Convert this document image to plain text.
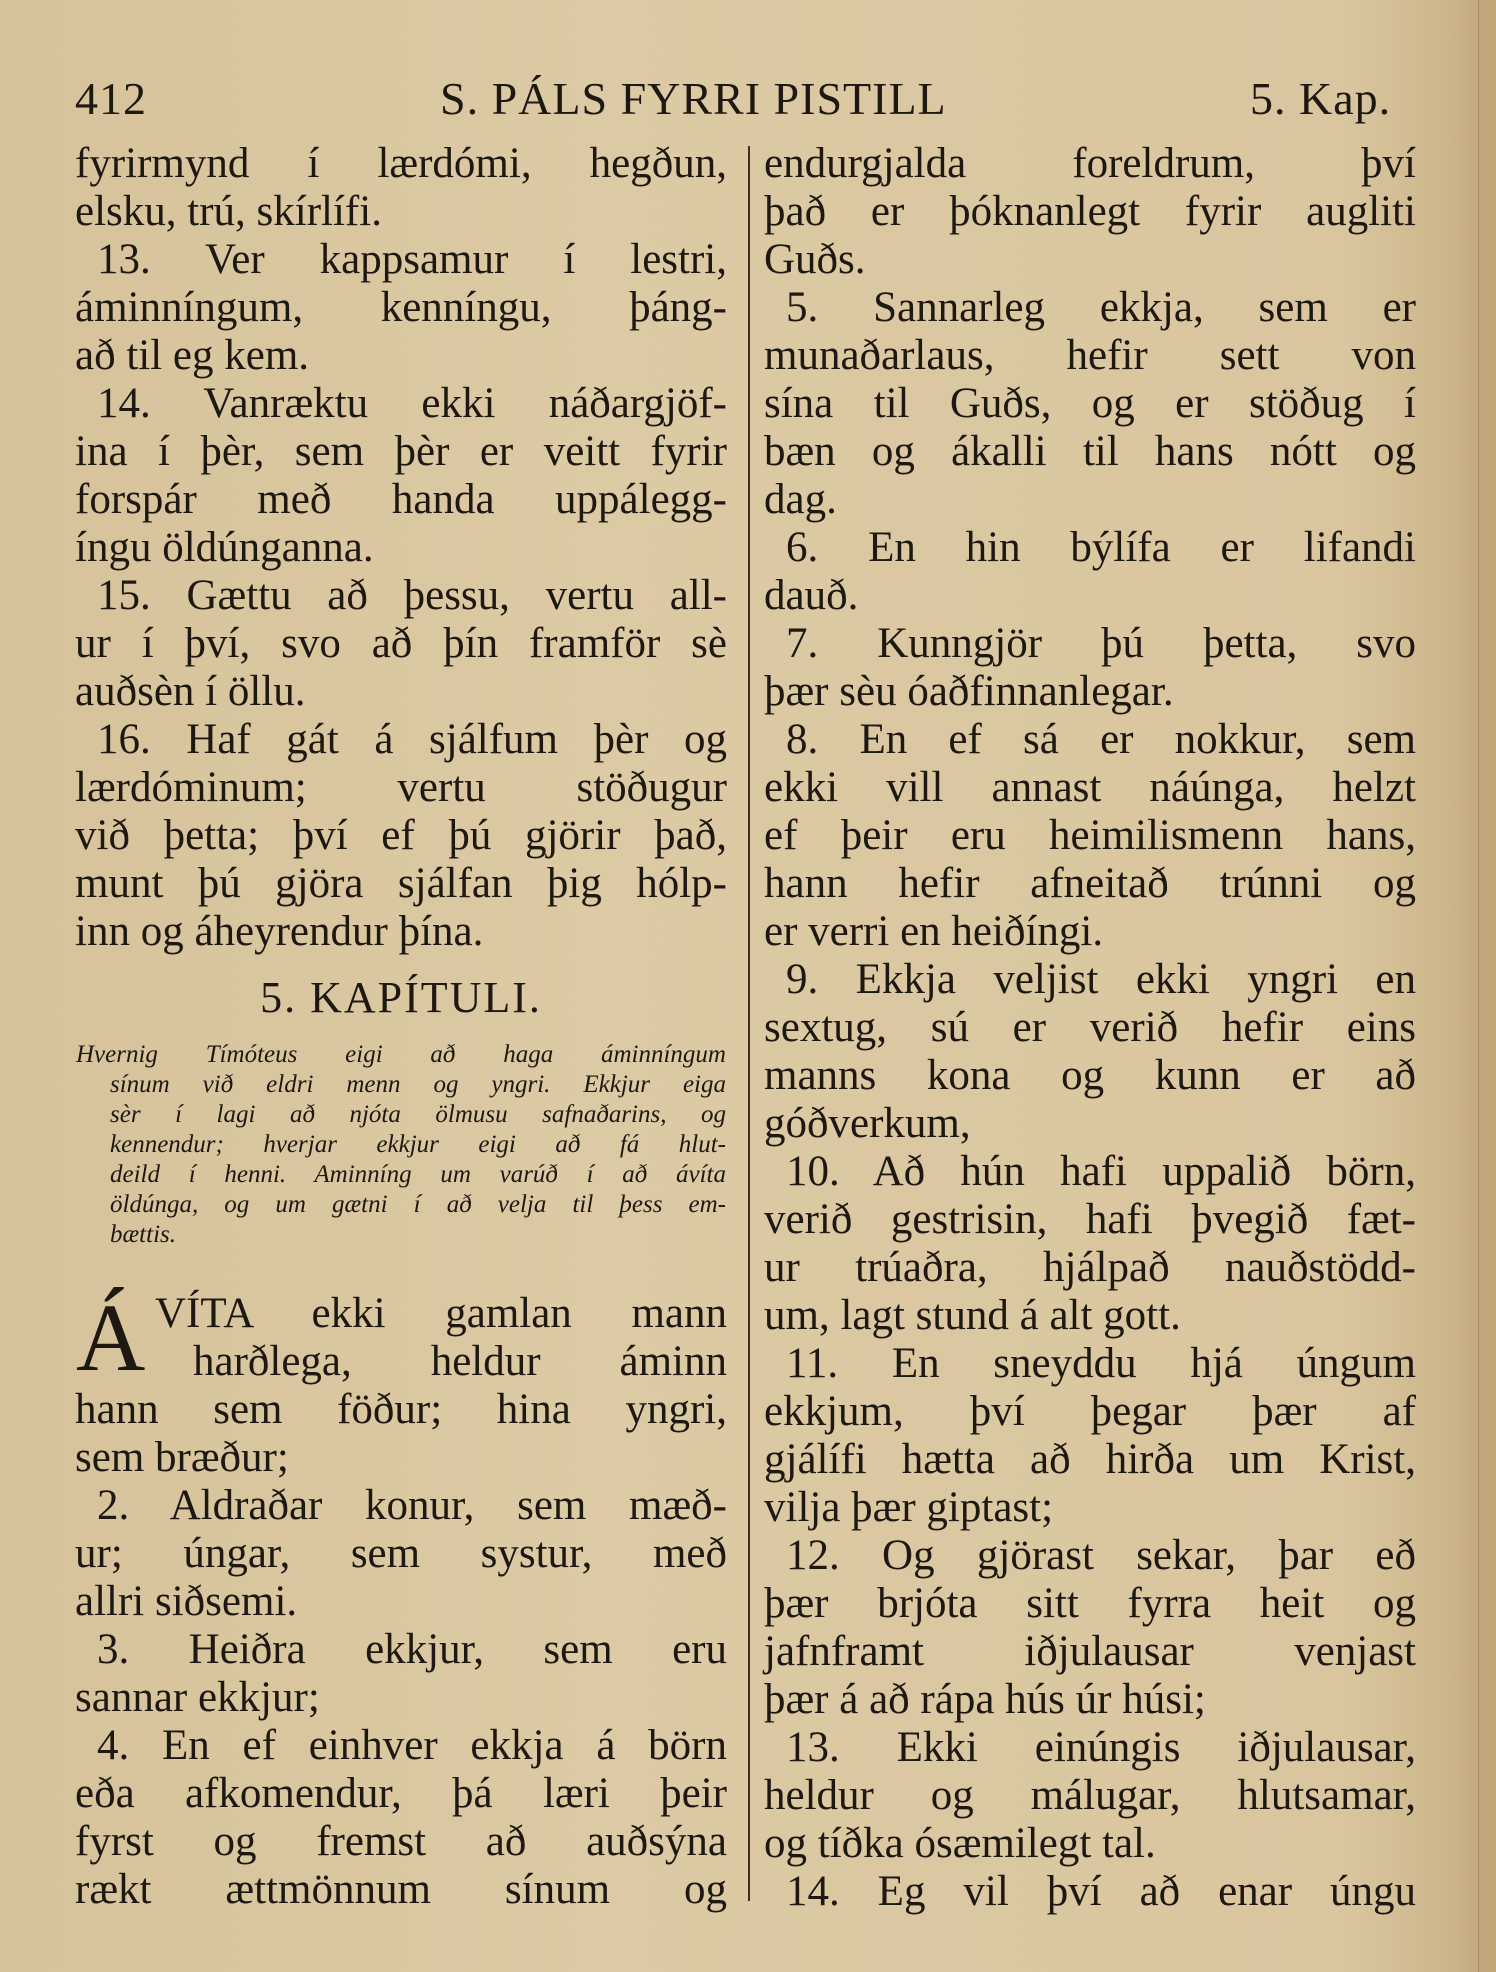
412	S. PÁLS FYRRI PISTILL	5. Kap.
fyrirmynd í lærdómi, hegðun,
elsku, trú, skírlífi.
13. Ver kappsamur í lestri,
áminníngum, kenníngu, þáng-
að til eg kem.
14. Vanræktu ekki náðargjöf-
ina í þèr, sem þèr er veitt fyrir
forspár með handa uppálegg-
íngu öldúnganna.
15. Gættu að þessu, vertu all-
ur í því, svo að þín framför sè
auðsèn í öllu.
16. Haf gát á sjálfum þèr og
lærdóminum; vertu stöðugur
við þetta; því ef þú gjörir það,
munt þú gjöra sjálfan þig hólp-
inn og áheyrendur þína.
5. KAPÍTULI.
Hvernig Tímóteus eigi að haga áminníngum
sínum við eldri menn og yngri. Ekkjur eiga
sèr í lagi að njóta ölmusu safnaðarins, og
kennendur; hverjar ekkjur eigi að fá hlut-
deild í henni. Aminníng um varúð í að ávíta
öldúnga, og um gætni í að velja til þess em-
bættis.
Á VÍTA ekki gamlan mann
harðlega, heldur áminn
hann sem föður; hina yngri,
sem bræður;
2. Aldraðar konur, sem mæð-
ur; úngar, sem systur, með
allri siðsemi.
3. Heiðra ekkjur, sem eru
sannar ekkjur;
4. En ef einhver ekkja á börn
eða afkomendur, þá læri þeir
fyrst og fremst að auðsýna
rækt ættmönnum sínum og
endurgjalda foreldrum, því
það er þóknanlegt fyrir augliti
Guðs.
5. Sannarleg ekkja, sem er
munaðarlaus, hefir sett von
sína til Guðs, og er stöðug í
bæn og ákalli til hans nótt og
dag.
6. En hin býlífa er lifandi
dauð.
7. Kunngjör þú þetta, svo
þær sèu óaðfinnanlegar.
8. En ef sá er nokkur, sem
ekki vill annast náúnga, helzt
ef þeir eru heimilismenn hans,
hann hefir afneitað trúnni og
er verri en heiðíngi.
9. Ekkja veljist ekki yngri en
sextug, sú er verið hefir eins
manns kona og kunn er að
góðverkum,
10. Að hún hafi uppalið börn,
verið gestrisin, hafi þvegið fæt-
ur trúaðra, hjálpað nauðstödd-
um, lagt stund á alt gott.
11. En sneyddu hjá úngum
ekkjum, því þegar þær af
gjálífi hætta að hirða um Krist,
vilja þær giptast;
12. Og gjörast sekar, þar eð
þær brjóta sitt fyrra heit og
jafnframt iðjulausar venjast
þær á að rápa hús úr húsi;
13. Ekki einúngis iðjulausar,
heldur og málugar, hlutsamar,
og tíðka ósæmilegt tal.
14. Eg vil því að enar úngu
